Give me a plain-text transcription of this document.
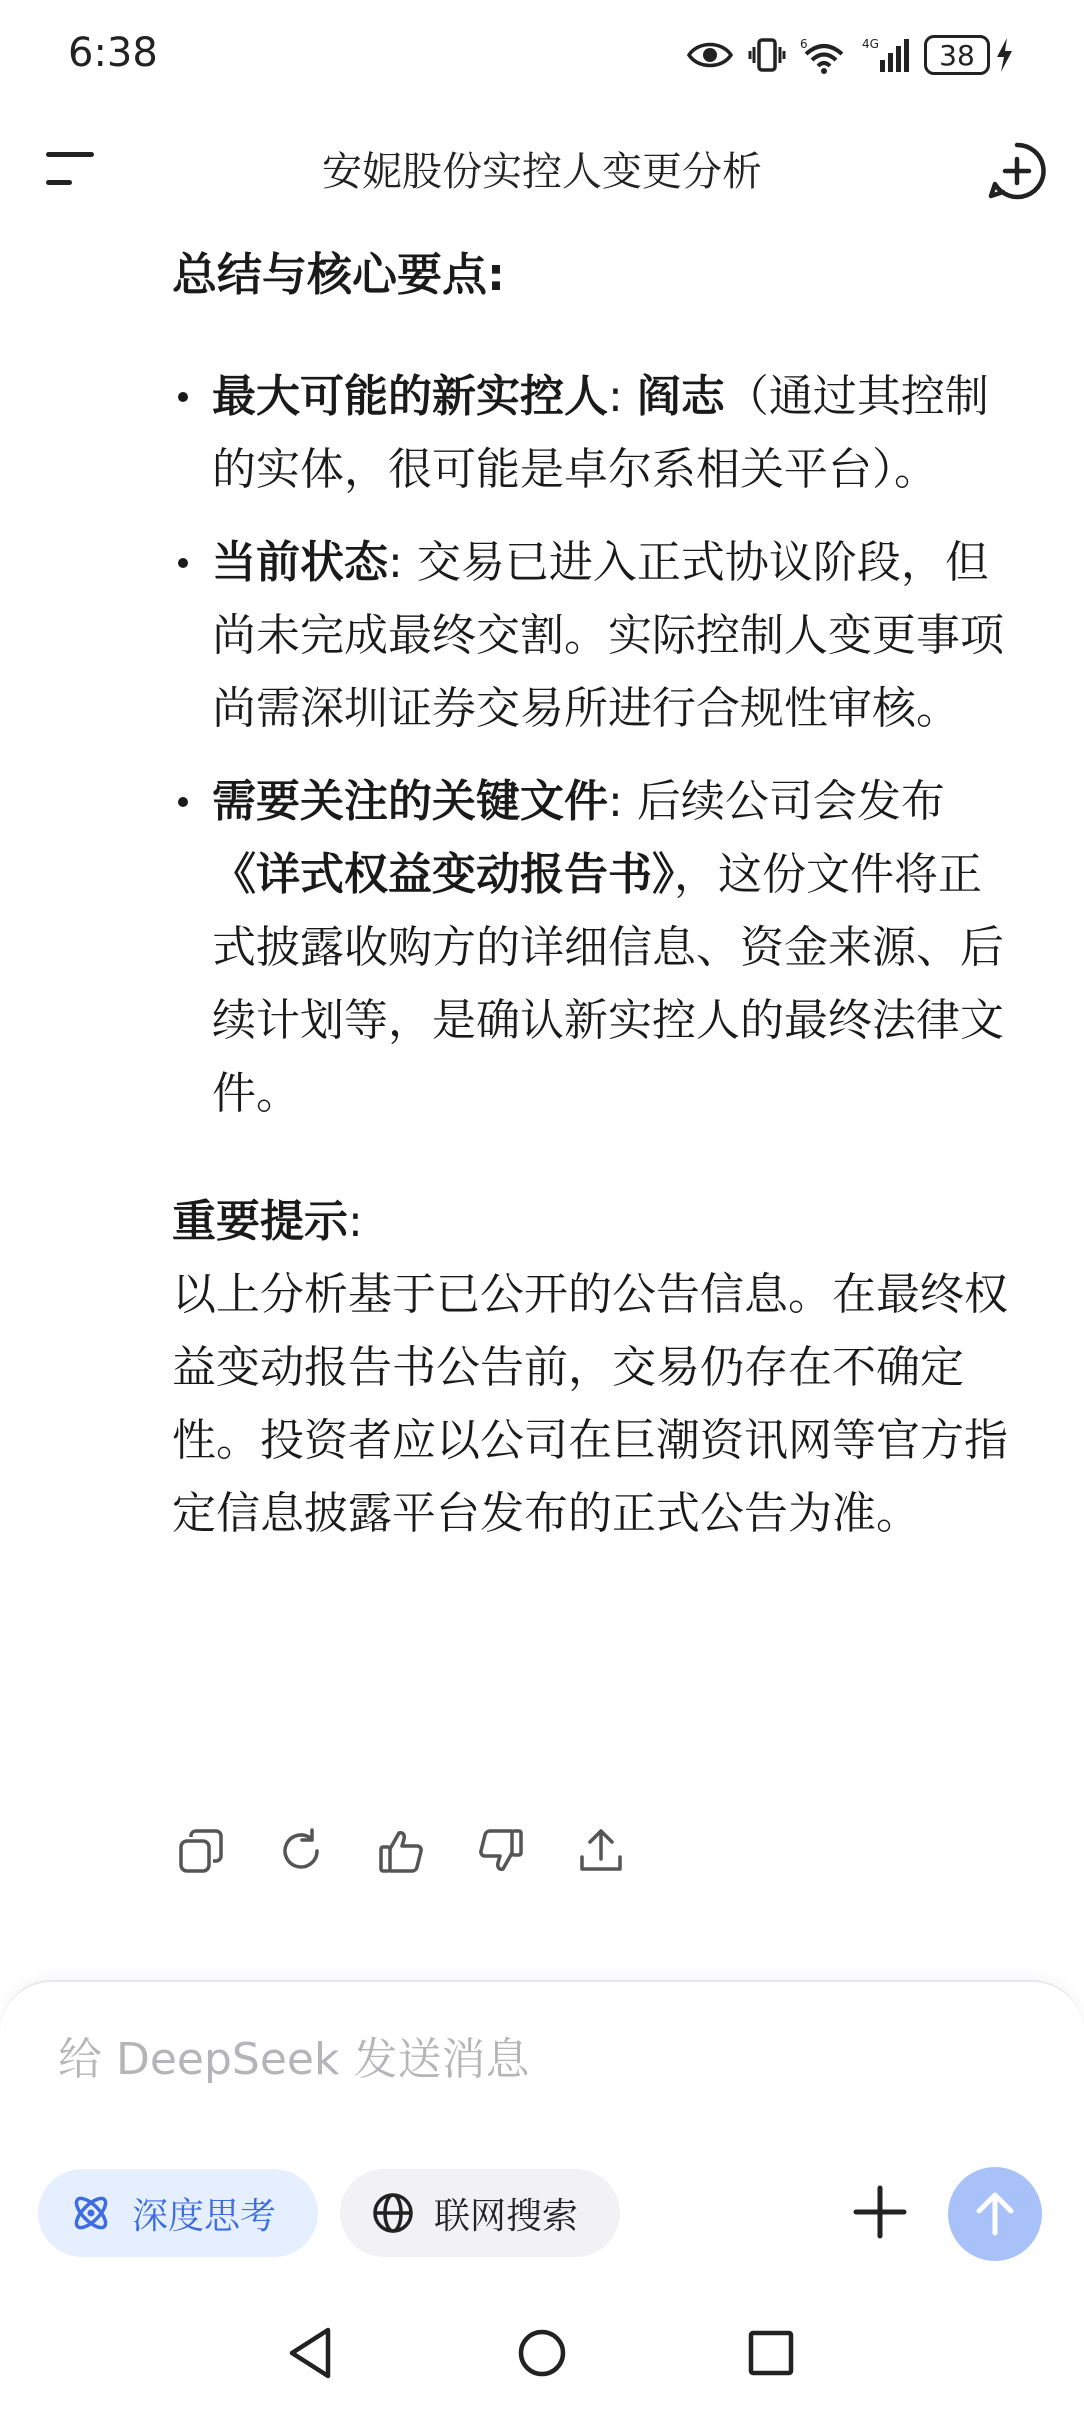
6:38	6	4G	38
安妮股份实控人变更分析
总结与核心要点:
最大可能的新实控人: 阎志（通过其控制的实体，很可能是卓尔系相关平台）。
当前状态: 交易已进入正式协议阶段，但尚未完成最终交割。实际控制人变更事项尚需深圳证券交易所进行合规性审核。
需要关注的关键文件: 后续公司会发布《详式权益变动报告书》，这份文件将正式披露收购方的详细信息、资金来源、后续计划等，是确认新实控人的最终法律文件。
重要提示:
以上分析基于已公开的公告信息。在最终权益变动报告书公告前，交易仍存在不确定性。投资者应以公司在巨潮资讯网等官方指定信息披露平台发布的正式公告为准。
给 DeepSeek 发送消息
深度思考	联网搜索
